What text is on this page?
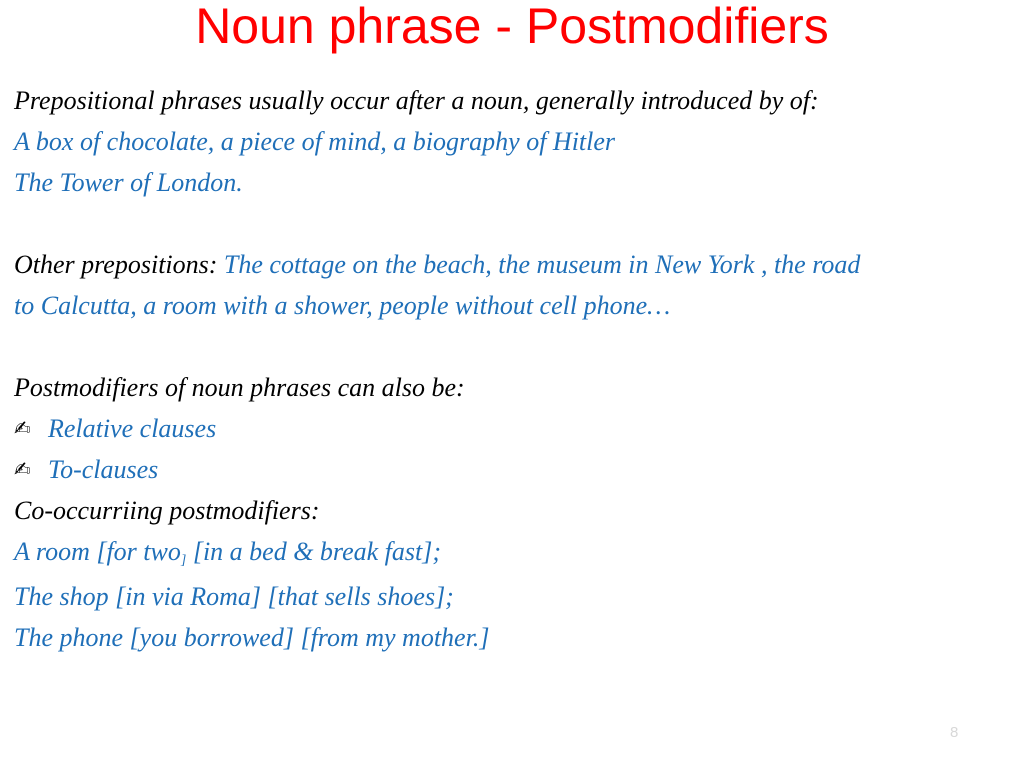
Noun phrase - Postmodifiers
Prepositional phrases usually occur after a noun, generally introduced by of:
A box of chocolate, a piece of mind, a biography of Hitler
The Tower of London.
Other prepositions: The cottage on the beach, the museum in New York , the road
to Calcutta, a room with a shower, people without cell phone…
Postmodifiers of noun phrases can also be:
✍ Relative clauses
✍ To-clauses
Co-occurriing postmodifiers:
A room [for two$_]$ [in a bed & break fast];
The shop [in via Roma] [that sells shoes];
The phone [you borrowed] [from my mother.]
8
